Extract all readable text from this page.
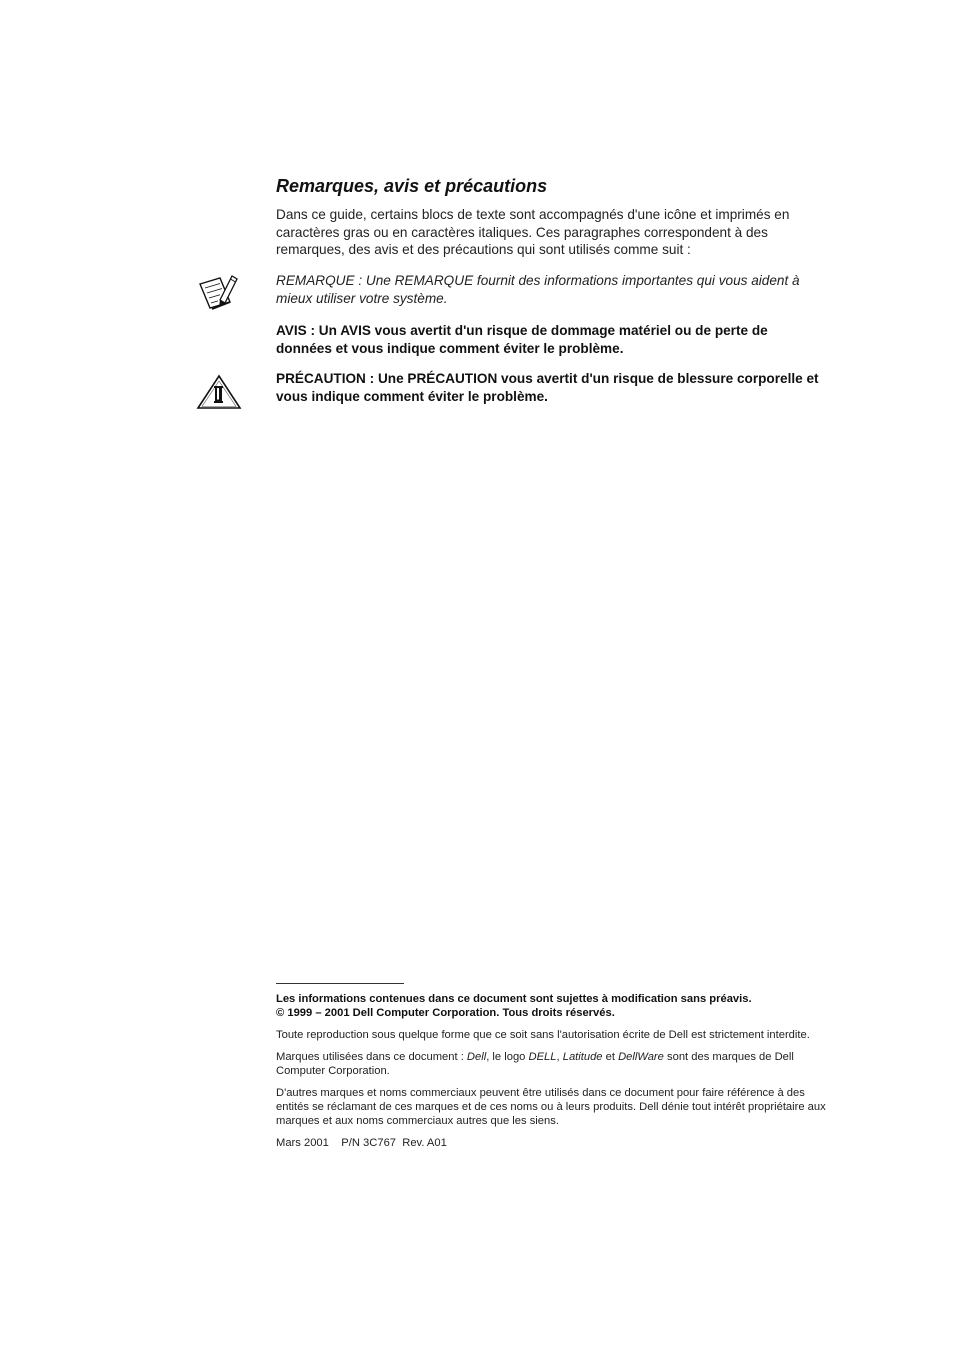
Remarques, avis et précautions

Dans ce guide, certains blocs de texte sont accompagnés d'une icône et imprimés en caractères gras ou en caractères italiques. Ces paragraphes correspondent à des remarques, des avis et des précautions qui sont utilisés comme suit :

REMARQUE : Une REMARQUE fournit des informations importantes qui vous aident à mieux utiliser votre système.

AVIS : Un AVIS vous avertit d'un risque de dommage matériel ou de perte de données et vous indique comment éviter le problème.

PRÉCAUTION : Une PRÉCAUTION vous avertit d'un risque de blessure corporelle et vous indique comment éviter le problème.

Les informations contenues dans ce document sont sujettes à modification sans préavis.
© 1999 – 2001 Dell Computer Corporation. Tous droits réservés.

Toute reproduction sous quelque forme que ce soit sans l'autorisation écrite de Dell est strictement interdite.

Marques utilisées dans ce document : Dell, le logo DELL, Latitude et DellWare sont des marques de Dell Computer Corporation.

D'autres marques et noms commerciaux peuvent être utilisés dans ce document pour faire référence à des entités se réclamant de ces marques et de ces noms ou à leurs produits. Dell dénie tout intérêt propriétaire aux marques et aux noms commerciaux autres que les siens.

Mars 2001 P/N 3C767 Rev. A01
